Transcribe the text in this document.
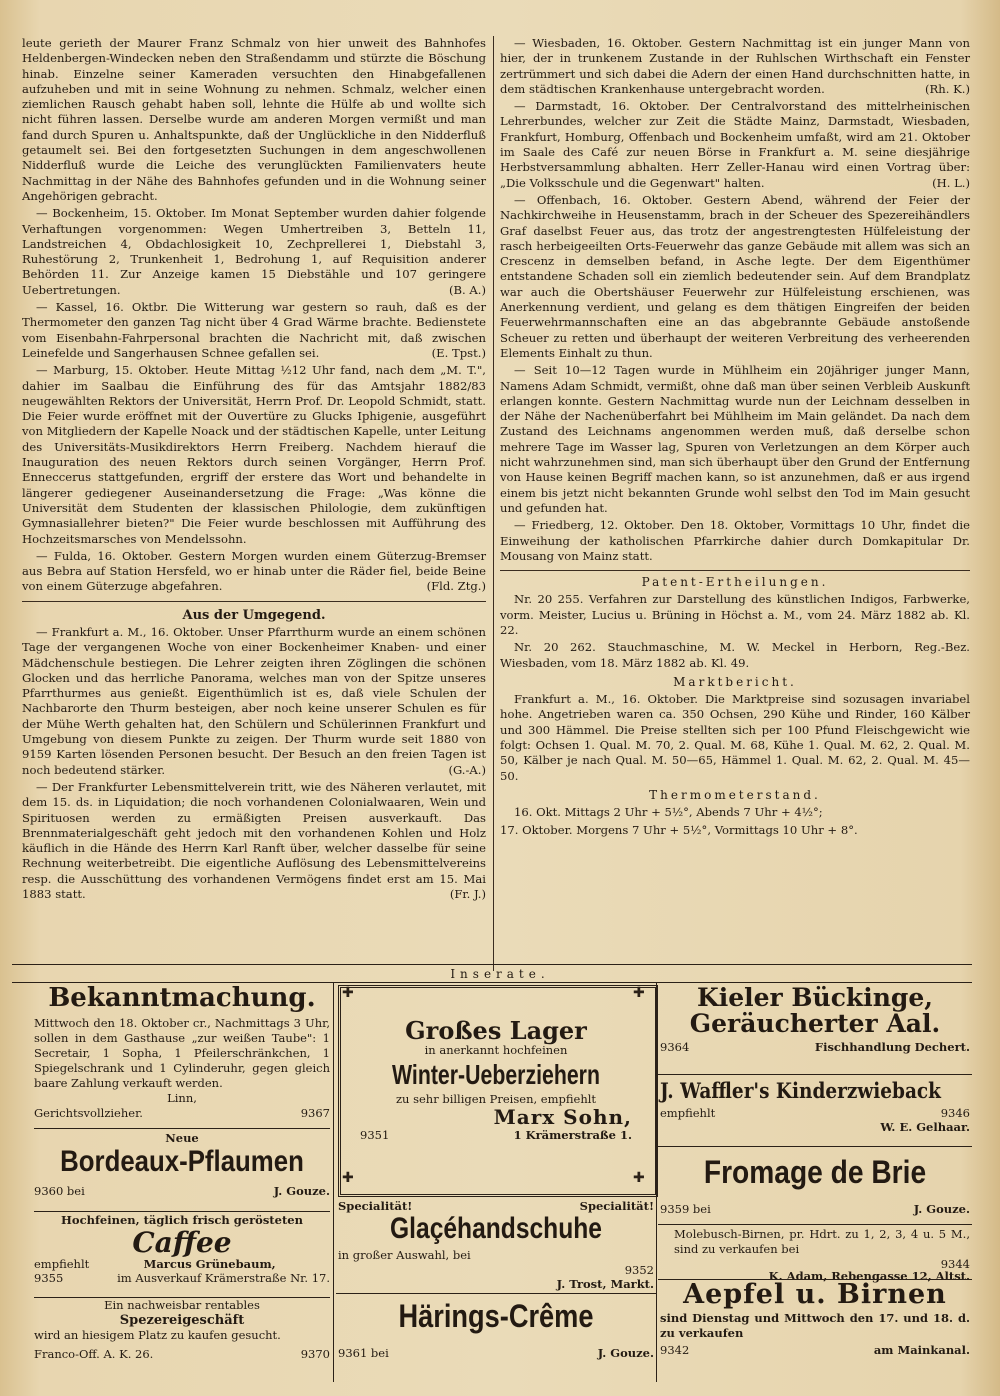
leute gerieth der Maurer Franz Schmalz von hier unweit des Bahnhofes Heldenbergen-Windecken neben den Straßendamm und stürzte die Böschung hinab. Einzelne seiner Kameraden versuchten den Hinabgefallenen aufzuheben und mit in seine Wohnung zu nehmen. Schmalz, welcher einen ziemlichen Rausch gehabt haben soll, lehnte die Hülfe ab und wollte sich nicht führen lassen. Derselbe wurde am anderen Morgen vermißt und man fand durch Spuren u. Anhaltspunkte, daß der Unglückliche in den Nidderfluß getaumelt sei. Bei den fortgesetzten Suchungen in dem angeschwollenen Nidderfluß wurde die Leiche des verunglückten Familienvaters heute Nachmittag in der Nähe des Bahnhofes gefunden und in die Wohnung seiner Angehörigen gebracht.

— Bockenheim, 15. Oktober. Im Monat September wurden dahier folgende Verhaftungen vorgenommen: Wegen Umhertreiben 3, Betteln 11, Landstreichen 4, Obdachlosigkeit 10, Zechprellerei 1, Diebstahl 3, Ruhestörung 2, Trunkenheit 1, Bedrohung 1, auf Requisition anderer Behörden 11. Zur Anzeige kamen 15 Diebstähle und 107 geringere Uebertretungen.	(B. A.)

— Kassel, 16. Oktbr. Die Witterung war gestern so rauh, daß es der Thermometer den ganzen Tag nicht über 4 Grad Wärme brachte. Bedienstete vom Eisenbahn-Fahrpersonal brachten die Nachricht mit, daß zwischen Leinefelde und Sangerhausen Schnee gefallen sei.	(E. Tpst.)

— Marburg, 15. Oktober. Heute Mittag ½12 Uhr fand, nach dem „M. T.", dahier im Saalbau die Einführung des für das Amtsjahr 1882/83 neugewählten Rektors der Universität, Herrn Prof. Dr. Leopold Schmidt, statt. Die Feier wurde eröffnet mit der Ouvertüre zu Glucks Iphigenie, ausgeführt von Mitgliedern der Kapelle Noack und der städtischen Kapelle, unter Leitung des Universitäts-Musikdirektors Herrn Freiberg. Nachdem hierauf die Inauguration des neuen Rektors durch seinen Vorgänger, Herrn Prof. Enneccerus stattgefunden, ergriff der erstere das Wort und behandelte in längerer gediegener Auseinandersetzung die Frage: „Was könne die Universität dem Studenten der klassischen Philologie, dem zukünftigen Gymnasiallehrer bieten?" Die Feier wurde beschlossen mit Aufführung des Hochzeitsmarsches von Mendelssohn.

— Fulda, 16. Oktober. Gestern Morgen wurden einem Güterzug-Bremser aus Bebra auf Station Hersfeld, wo er hinab unter die Räder fiel, beide Beine von einem Güterzuge abgefahren.	(Fld. Ztg.)

Aus der Umgegend.

— Frankfurt a. M., 16. Oktober. Unser Pfarrthurm wurde an einem schönen Tage der vergangenen Woche von einer Bockenheimer Knaben- und einer Mädchenschule bestiegen. Die Lehrer zeigten ihren Zöglingen die schönen Glocken und das herrliche Panorama, welches man von der Spitze unseres Pfarrthurmes aus genießt. Eigenthümlich ist es, daß viele Schulen der Nachbarorte den Thurm besteigen, aber noch keine unserer Schulen es für der Mühe Werth gehalten hat, den Schülern und Schülerinnen Frankfurt und Umgebung von diesem Punkte zu zeigen. Der Thurm wurde seit 1880 von 9159 Karten lösenden Personen besucht. Der Besuch an den freien Tagen ist noch bedeutend stärker.	(G.-A.)

— Der Frankfurter Lebensmittelverein tritt, wie des Näheren verlautet, mit dem 15. ds. in Liquidation; die noch vorhandenen Colonialwaaren, Wein und Spirituosen werden zu ermäßigten Preisen ausverkauft. Das Brennmaterialgeschäft geht jedoch mit den vorhandenen Kohlen und Holz käuflich in die Hände des Herrn Karl Ranft über, welcher dasselbe für seine Rechnung weiterbetreibt. Die eigentliche Auflösung des Lebensmittelvereins resp. die Ausschüttung des vorhandenen Vermögens findet erst am 15. Mai 1883 statt.	(Fr. J.)

— Wiesbaden, 16. Oktober. Gestern Nachmittag ist ein junger Mann von hier, der in trunkenem Zustande in der Ruhlschen Wirthschaft ein Fenster zertrümmert und sich dabei die Adern der einen Hand durchschnitten hatte, in dem städtischen Krankenhause untergebracht worden.	(Rh. K.)

— Darmstadt, 16. Oktober. Der Centralvorstand des mittelrheinischen Lehrerbundes, welcher zur Zeit die Städte Mainz, Darmstadt, Wiesbaden, Frankfurt, Homburg, Offenbach und Bockenheim umfaßt, wird am 21. Oktober im Saale des Café zur neuen Börse in Frankfurt a. M. seine diesjährige Herbstversammlung abhalten. Herr Zeller-Hanau wird einen Vortrag über: „Die Volksschule und die Gegenwart" halten.	(H. L.)

— Offenbach, 16. Oktober. Gestern Abend, während der Feier der Nachkirchweihe in Heusenstamm, brach in der Scheuer des Spezereihändlers Graf daselbst Feuer aus, das trotz der angestrengtesten Hülfeleistung der rasch herbeigeeilten Orts-Feuerwehr das ganze Gebäude mit allem was sich an Crescenz in demselben befand, in Asche legte. Der dem Eigenthümer entstandene Schaden soll ein ziemlich bedeutender sein. Auf dem Brandplatz war auch die Obertshäuser Feuerwehr zur Hülfeleistung erschienen, was Anerkennung verdient, und gelang es dem thätigen Eingreifen der beiden Feuerwehrmannschaften eine an das abgebrannte Gebäude anstoßende Scheuer zu retten und überhaupt der weiteren Verbreitung des verheerenden Elements Einhalt zu thun.

— Seit 10—12 Tagen wurde in Mühlheim ein 20jähriger junger Mann, Namens Adam Schmidt, vermißt, ohne daß man über seinen Verbleib Auskunft erlangen konnte. Gestern Nachmittag wurde nun der Leichnam desselben in der Nähe der Nachenüberfahrt bei Mühlheim im Main geländet. Da nach dem Zustand des Leichnams angenommen werden muß, daß derselbe schon mehrere Tage im Wasser lag, Spuren von Verletzungen an dem Körper auch nicht wahrzunehmen sind, man sich überhaupt über den Grund der Entfernung von Hause keinen Begriff machen kann, so ist anzunehmen, daß er aus irgend einem bis jetzt nicht bekannten Grunde wohl selbst den Tod im Main gesucht und gefunden hat.

— Friedberg, 12. Oktober. Den 18. Oktober, Vormittags 10 Uhr, findet die Einweihung der katholischen Pfarrkirche dahier durch Domkapitular Dr. Mousang von Mainz statt.

Patent-Ertheilungen.

Nr. 20 255. Verfahren zur Darstellung des künstlichen Indigos, Farbwerke, vorm. Meister, Lucius u. Brüning in Höchst a. M., vom 24. März 1882 ab. Kl. 22.

Nr. 20 262. Stauchmaschine, M. W. Meckel in Herborn, Reg.-Bez. Wiesbaden, vom 18. März 1882 ab. Kl. 49.

Marktbericht.

Frankfurt a. M., 16. Oktober. Die Marktpreise sind sozusagen invariabel hohe. Angetrieben waren ca. 350 Ochsen, 290 Kühe und Rinder, 160 Kälber und 300 Hämmel. Die Preise stellten sich per 100 Pfund Fleischgewicht wie folgt: Ochsen 1. Qual. M. 70, 2. Qual. M. 68, Kühe 1. Qual. M. 62, 2. Qual. M. 50, Kälber je nach Qual. M. 50—65, Hämmel 1. Qual. M. 62, 2. Qual. M. 45—50.

Thermometerstand.

16. Okt. Mittags 2 Uhr + 5½°, Abends 7 Uhr + 4½°;

17. Oktober. Morgens 7 Uhr + 5½°, Vormittags 10 Uhr + 8°.

Inserate.
Bekanntmachung.
Mittwoch den 18. Oktober cr., Nachmittags 3 Uhr, sollen in dem Gasthause „zur weißen Taube": 1 Secretair, 1 Sopha, 1 Pfeilerschränkchen, 1 Spiegelschrank und 1 Cylinderuhr, gegen gleich baare Zahlung verkauft werden.
Linn,
Gerichtsvollzieher.	9367
Neue
Bordeaux-Pflaumen
9360 bei	J. Gouze.
Hochfeinen, täglich frisch gerösteten
Caffee
empfiehlt	Marcus Grünebaum,
9355	im Ausverkauf Krämerstraße Nr. 17.
Ein nachweisbar rentables
Spezereigeschäft
wird an hiesigem Platz zu kaufen gesucht.
Franco-Off. A. K. 26.	9370
✚	✚
✚	✚
Großes Lager
in anerkannt hochfeinen
Winter-Ueberziehern
zu sehr billigen Preisen, empfiehlt
Marx Sohn,
9351	1 Krämerstraße 1.
Specialität!	Specialität!
Glaçéhandschuhe
in großer Auswahl, bei
9352
J. Trost, Markt.
Härings-Crême
9361 bei	J. Gouze.
Kieler Bückinge,
Geräucherter Aal.
9364	Fischhandlung Dechert.
J. Waffler's Kinderzwieback
empfiehlt	9346
W. E. Gelhaar.
Fromage de Brie
9359 bei	J. Gouze.
Molebusch-Birnen, pr. Hdrt. zu 1, 2, 3, 4 u. 5 M., sind zu verkaufen bei
9344
K. Adam, Rebengasse 12, Altst.
Aepfel u. Birnen
sind Dienstag und Mittwoch den 17. und 18. d. zu verkaufen
9342	am Mainkanal.
